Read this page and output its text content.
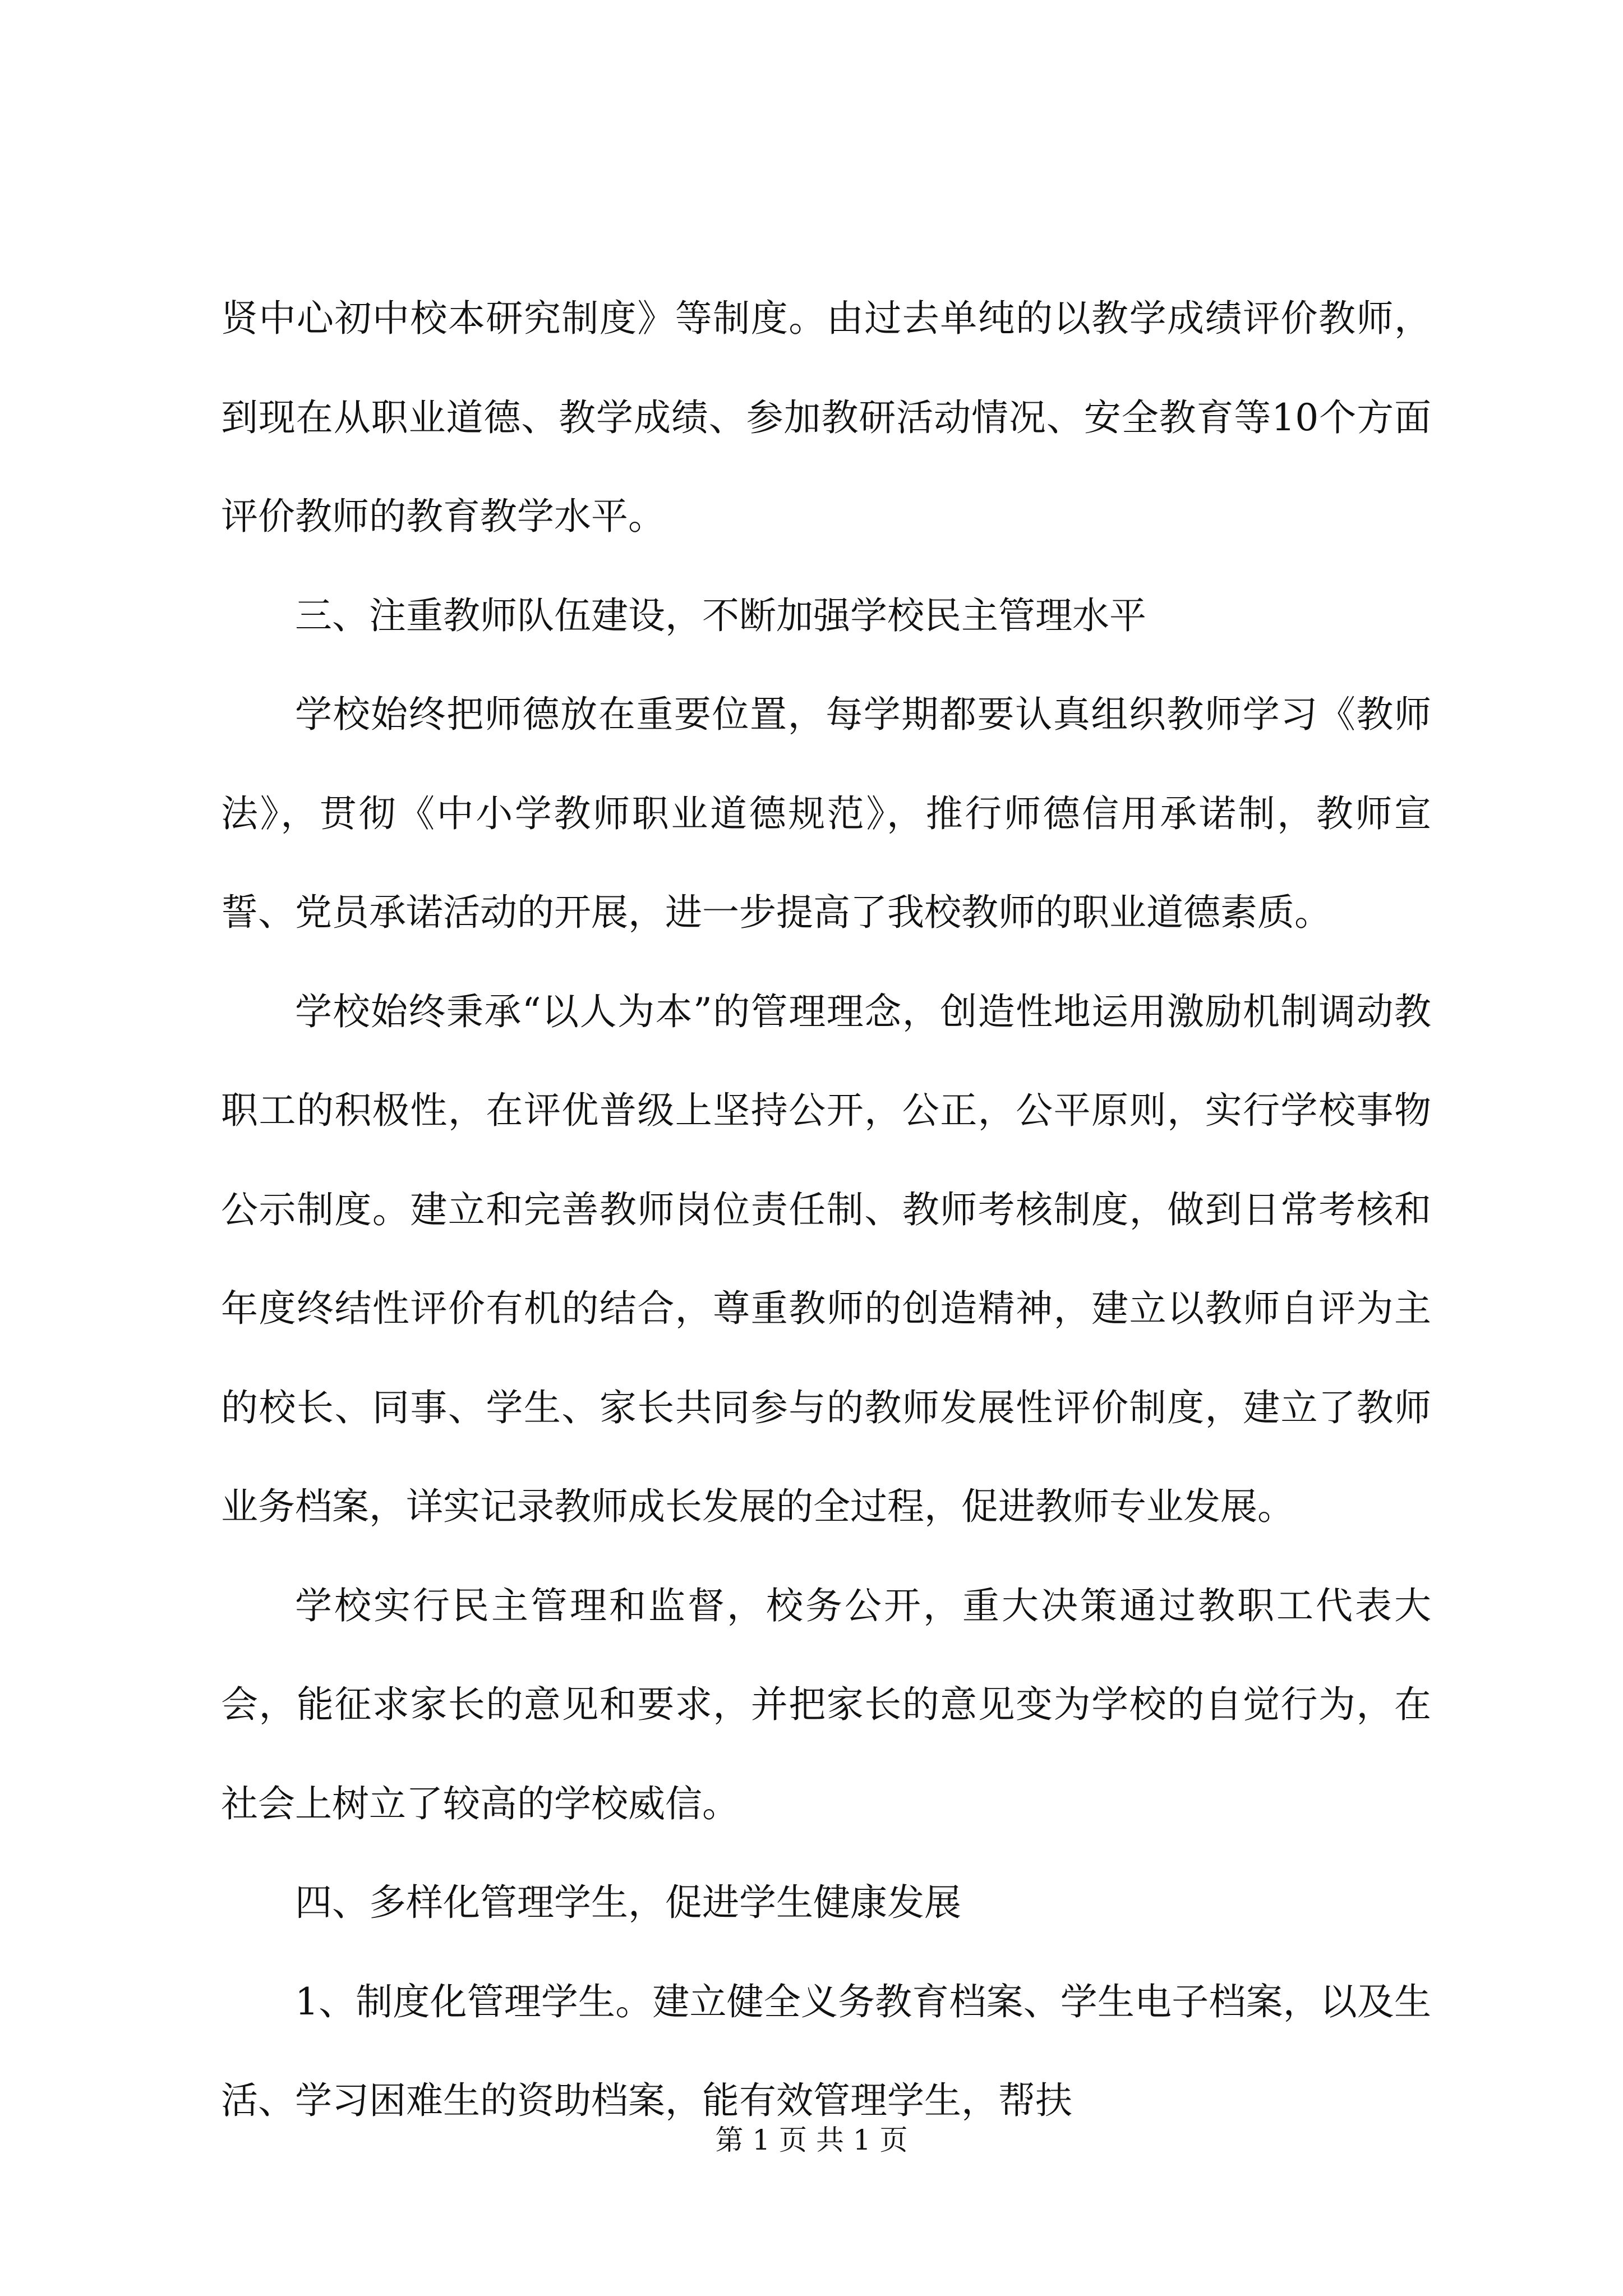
贤中心初中校本研究制度》等制度。由过去单纯的以教学成绩评价教师，到现在从职业道德、教学成绩、参加教研活动情况、安全教育等10个方面评价教师的教育教学水平。

三、注重教师队伍建设，不断加强学校民主管理水平

学校始终把师德放在重要位置，每学期都要认真组织教师学习《教师法》，贯彻《中小学教师职业道德规范》，推行师德信用承诺制，教师宣誓、党员承诺活动的开展，进一步提高了我校教师的职业道德素质。

学校始终秉承“以人为本”的管理理念，创造性地运用激励机制调动教职工的积极性，在评优普级上坚持公开，公正，公平原则，实行学校事物公示制度。建立和完善教师岗位责任制、教师考核制度，做到日常考核和年度终结性评价有机的结合，尊重教师的创造精神，建立以教师自评为主的校长、同事、学生、家长共同参与的教师发展性评价制度，建立了教师业务档案，详实记录教师成长发展的全过程，促进教师专业发展。

学校实行民主管理和监督，校务公开，重大决策通过教职工代表大会，能征求家长的意见和要求，并把家长的意见变为学校的自觉行为，在社会上树立了较高的学校威信。

四、多样化管理学生，促进学生健康发展

1、制度化管理学生。建立健全义务教育档案、学生电子档案，以及生活、学习困难生的资助档案，能有效管理学生，帮扶

第 1 页 共 1 页
